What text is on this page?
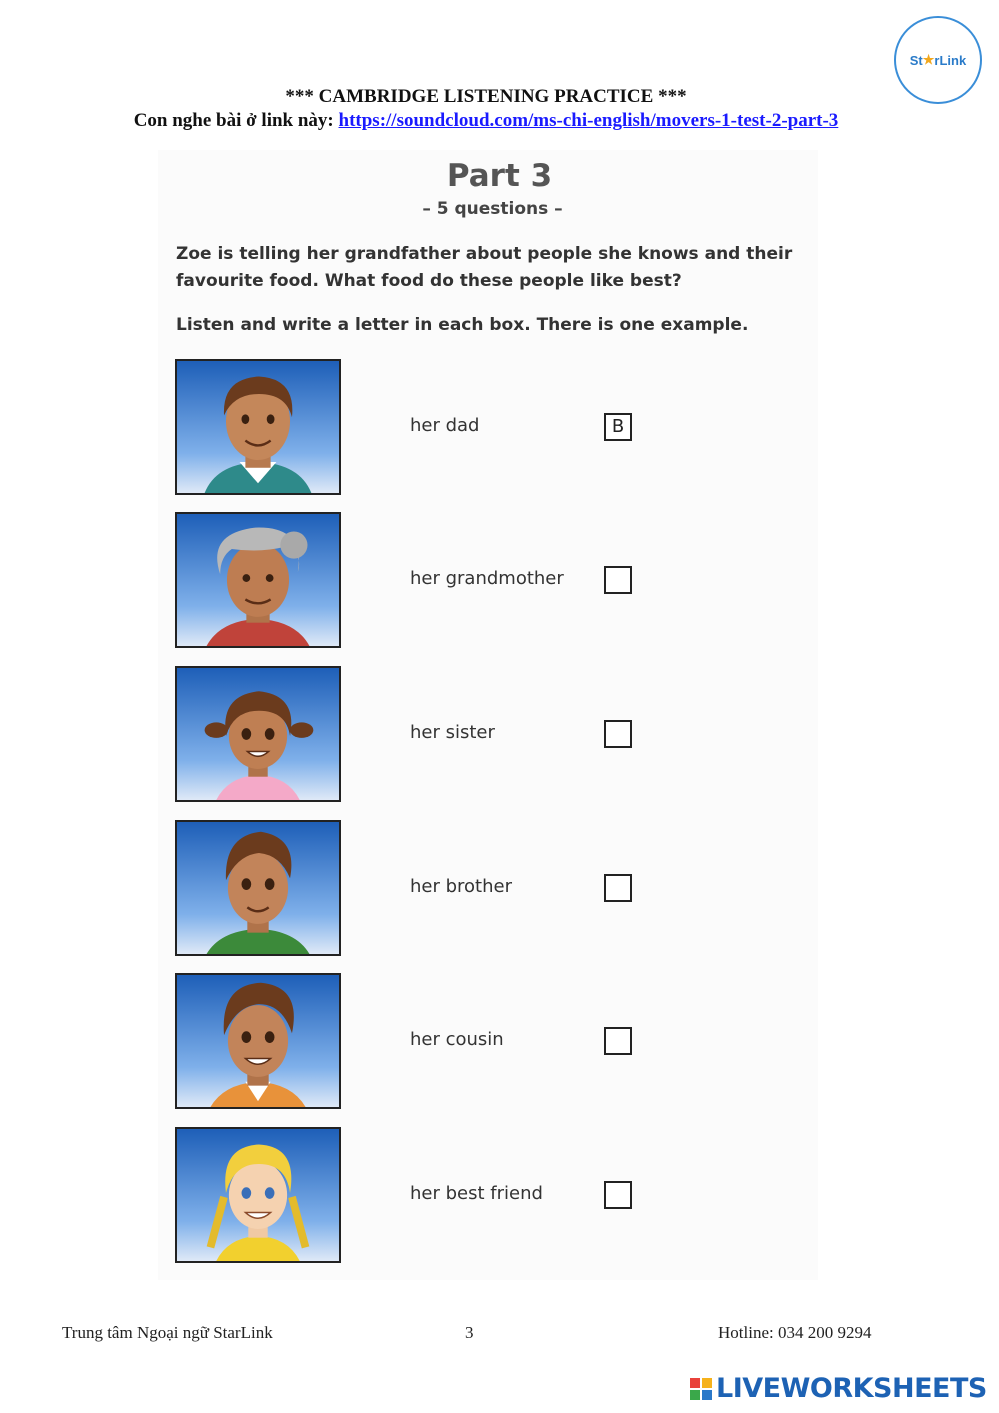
St ★ rLink
*** CAMBRIDGE LISTENING PRACTICE ***
Con nghe bài ở link này: https://soundcloud.com/ms-chi-english/movers-1-test-2-part-3
Part 3
– 5 questions –
Zoe is telling her grandfather about people she knows and their favourite food. What food do these people like best?
Listen and write a letter in each box. There is one example.
her dad	B
her grandmother
her sister
her brother
her cousin
her best friend
Trung tâm Ngoại ngữ StarLink	3	Hotline: 034 200 9294
LIVEWORKSHEETS
